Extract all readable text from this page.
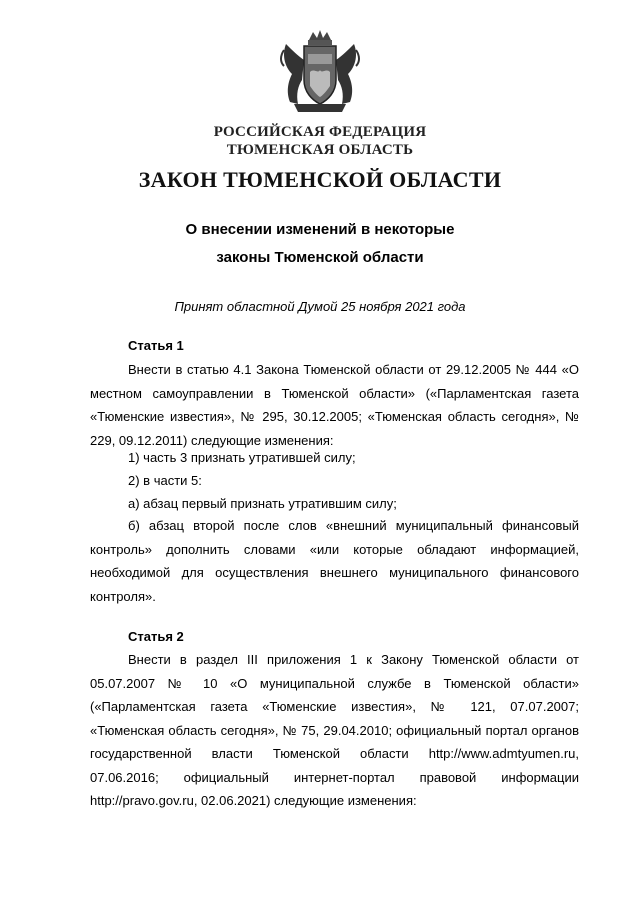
РОССИЙСКАЯ ФЕДЕРАЦИЯ
ТЮМЕНСКАЯ ОБЛАСТЬ
ЗАКОН ТЮМЕНСКОЙ ОБЛАСТИ
О внесении изменений в некоторые
законы Тюменской области
Принят областной Думой 25 ноября 2021 года
Статья 1

Внести в статью 4.1 Закона Тюменской области от 29.12.2005 № 444 «О местном самоуправлении в Тюменской области» («Парламентская газета «Тюменские известия», № 295, 30.12.2005; «Тюменская область сегодня», № 229, 09.12.2011) следующие изменения:

1) часть 3 признать утратившей силу;
2) в части 5:
а) абзац первый признать утратившим силу;

б) абзац второй после слов «внешний муниципальный финансовый контроль» дополнить словами «или которые обладают информацией, необходимой для осуществления внешнего муниципального финансового контроля».

Статья 2

Внести в раздел III приложения 1 к Закону Тюменской области от 05.07.2007 № 10 «О муниципальной службе в Тюменской области» («Парламентская газета «Тюменские известия», № 121, 07.07.2007; «Тюменская область сегодня», № 75, 29.04.2010; официальный портал органов государственной власти Тюменской области http://www.admtyumen.ru, 07.06.2016; официальный интернет-портал правовой информации http://pravo.gov.ru, 02.06.2021) следующие изменения:
